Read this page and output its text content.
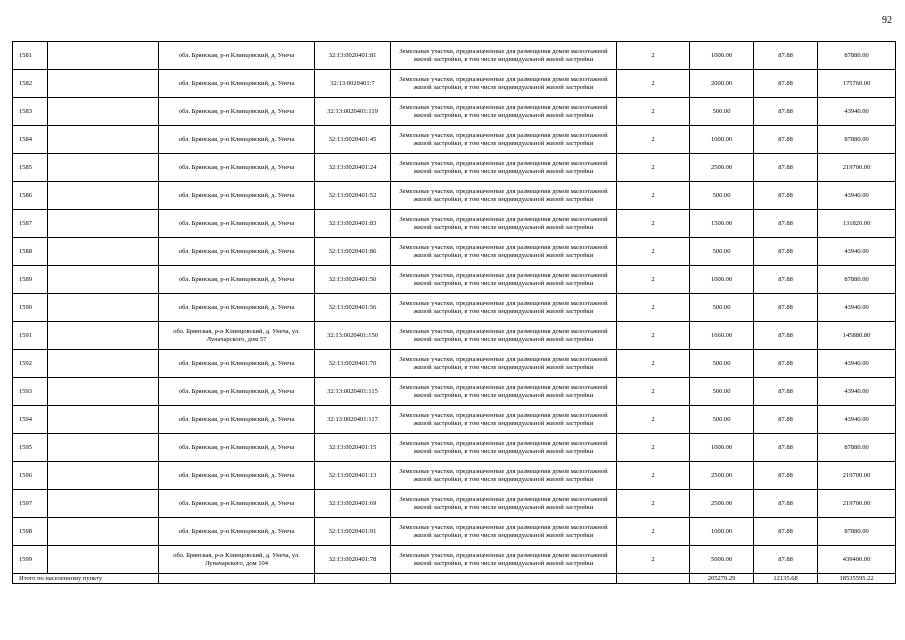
92
1581		обл. Брянская, р-н Клинцовский, д. Унеча	32:13:0020401:81	Земельные участки, предназначенные для размещения домов малоэтажной жилой застройки, в том числе индивидуальной жилой застройки	2	1000.00	87.88	87880.00
1582		обл. Брянская, р-н Клинцовский, д. Унеча	32:13:0020401:7	Земельные участки, предназначенные для размещения домов малоэтажной жилой застройки, в том числе индивидуальной жилой застройки	2	2000.00	87.88	175760.00
1583		обл. Брянская, р-н Клинцовский, д. Унеча	32:13:0020401:119	Земельные участки, предназначенные для размещения домов малоэтажной жилой застройки, в том числе индивидуальной жилой застройки	2	500.00	87.88	43940.00
1584		обл. Брянская, р-н Клинцовский, д. Унеча	32:13:0020401:45	Земельные участки, предназначенные для размещения домов малоэтажной жилой застройки, в том числе индивидуальной жилой застройки	2	1000.00	87.88	87880.00
1585		обл. Брянская, р-н Клинцовский, д. Унеча	32:13:0020401:24	Земельные участки, предназначенные для размещения домов малоэтажной жилой застройки, в том числе индивидуальной жилой застройки	2	2500.00	87.88	219700.00
1586		обл. Брянская, р-н Клинцовский, д. Унеча	32:13:0020401:52	Земельные участки, предназначенные для размещения домов малоэтажной жилой застройки, в том числе индивидуальной жилой застройки	2	500.00	87.88	43940.00
1587		обл. Брянская, р-н Клинцовский, д. Унеча	32:13:0020401:83	Земельные участки, предназначенные для размещения домов малоэтажной жилой застройки, в том числе индивидуальной жилой застройки	2	1500.00	87.88	131820.00
1588		обл. Брянская, р-н Клинцовский, д. Унеча	32:13:0020401:86	Земельные участки, предназначенные для размещения домов малоэтажной жилой застройки, в том числе индивидуальной жилой застройки	2	500.00	87.88	43940.00
1589		обл. Брянская, р-н Клинцовский, д. Унеча	32:13:0020401:50	Земельные участки, предназначенные для размещения домов малоэтажной жилой застройки, в том числе индивидуальной жилой застройки	2	1000.00	87.88	87880.00
1590		обл. Брянская, р-н Клинцовский, д. Унеча	32:13:0020401:56	Земельные участки, предназначенные для размещения домов малоэтажной жилой застройки, в том числе индивидуальной жилой застройки	2	500.00	87.88	43940.00
1591		обл. Брянская, р-н Клинцовский, д. Унеча, ул. Луначарского, дом 57	32:13:0020401:150	Земельные участки, предназначенные для размещения домов малоэтажной жилой застройки, в том числе индивидуальной жилой застройки	2	1660.00	87.88	145880.80
1592		обл. Брянская, р-н Клинцовский, д. Унеча	32:13:0020401:70	Земельные участки, предназначенные для размещения домов малоэтажной жилой застройки, в том числе индивидуальной жилой застройки	2	500.00	87.88	43940.00
1593		обл. Брянская, р-н Клинцовский, д. Унеча	32:13:0020401:115	Земельные участки, предназначенные для размещения домов малоэтажной жилой застройки, в том числе индивидуальной жилой застройки	2	500.00	87.88	43940.00
1594		обл. Брянская, р-н Клинцовский, д. Унеча	32:13:0020401:117	Земельные участки, предназначенные для размещения домов малоэтажной жилой застройки, в том числе индивидуальной жилой застройки	2	500.00	87.88	43940.00
1595		обл. Брянская, р-н Клинцовский, д. Унеча	32:13:0020401:15	Земельные участки, предназначенные для размещения домов малоэтажной жилой застройки, в том числе индивидуальной жилой застройки	2	1000.00	87.88	87880.00
1596		обл. Брянская, р-н Клинцовский, д. Унеча	32:13:0020401:13	Земельные участки, предназначенные для размещения домов малоэтажной жилой застройки, в том числе индивидуальной жилой застройки	2	2500.00	87.88	219700.00
1597		обл. Брянская, р-н Клинцовский, д. Унеча	32:13:0020401:69	Земельные участки, предназначенные для размещения домов малоэтажной жилой застройки, в том числе индивидуальной жилой застройки	2	2500.00	87.88	219700.00
1598		обл. Брянская, р-н Клинцовский, д. Унеча	32:13:0020401:91	Земельные участки, предназначенные для размещения домов малоэтажной жилой застройки, в том числе индивидуальной жилой застройки	2	1000.00	87.88	87880.00
1599		обл. Брянская, р-н Клинцовский, д. Унеча, ул. Луначарского, дом 104	32:13:0020401:78	Земельные участки, предназначенные для размещения домов малоэтажной жилой застройки, в том числе индивидуальной жилой застройки	2	5000.00	87.88	439400.00
Итого по населенному пункту						205279.29	12135.68	18535595.22
